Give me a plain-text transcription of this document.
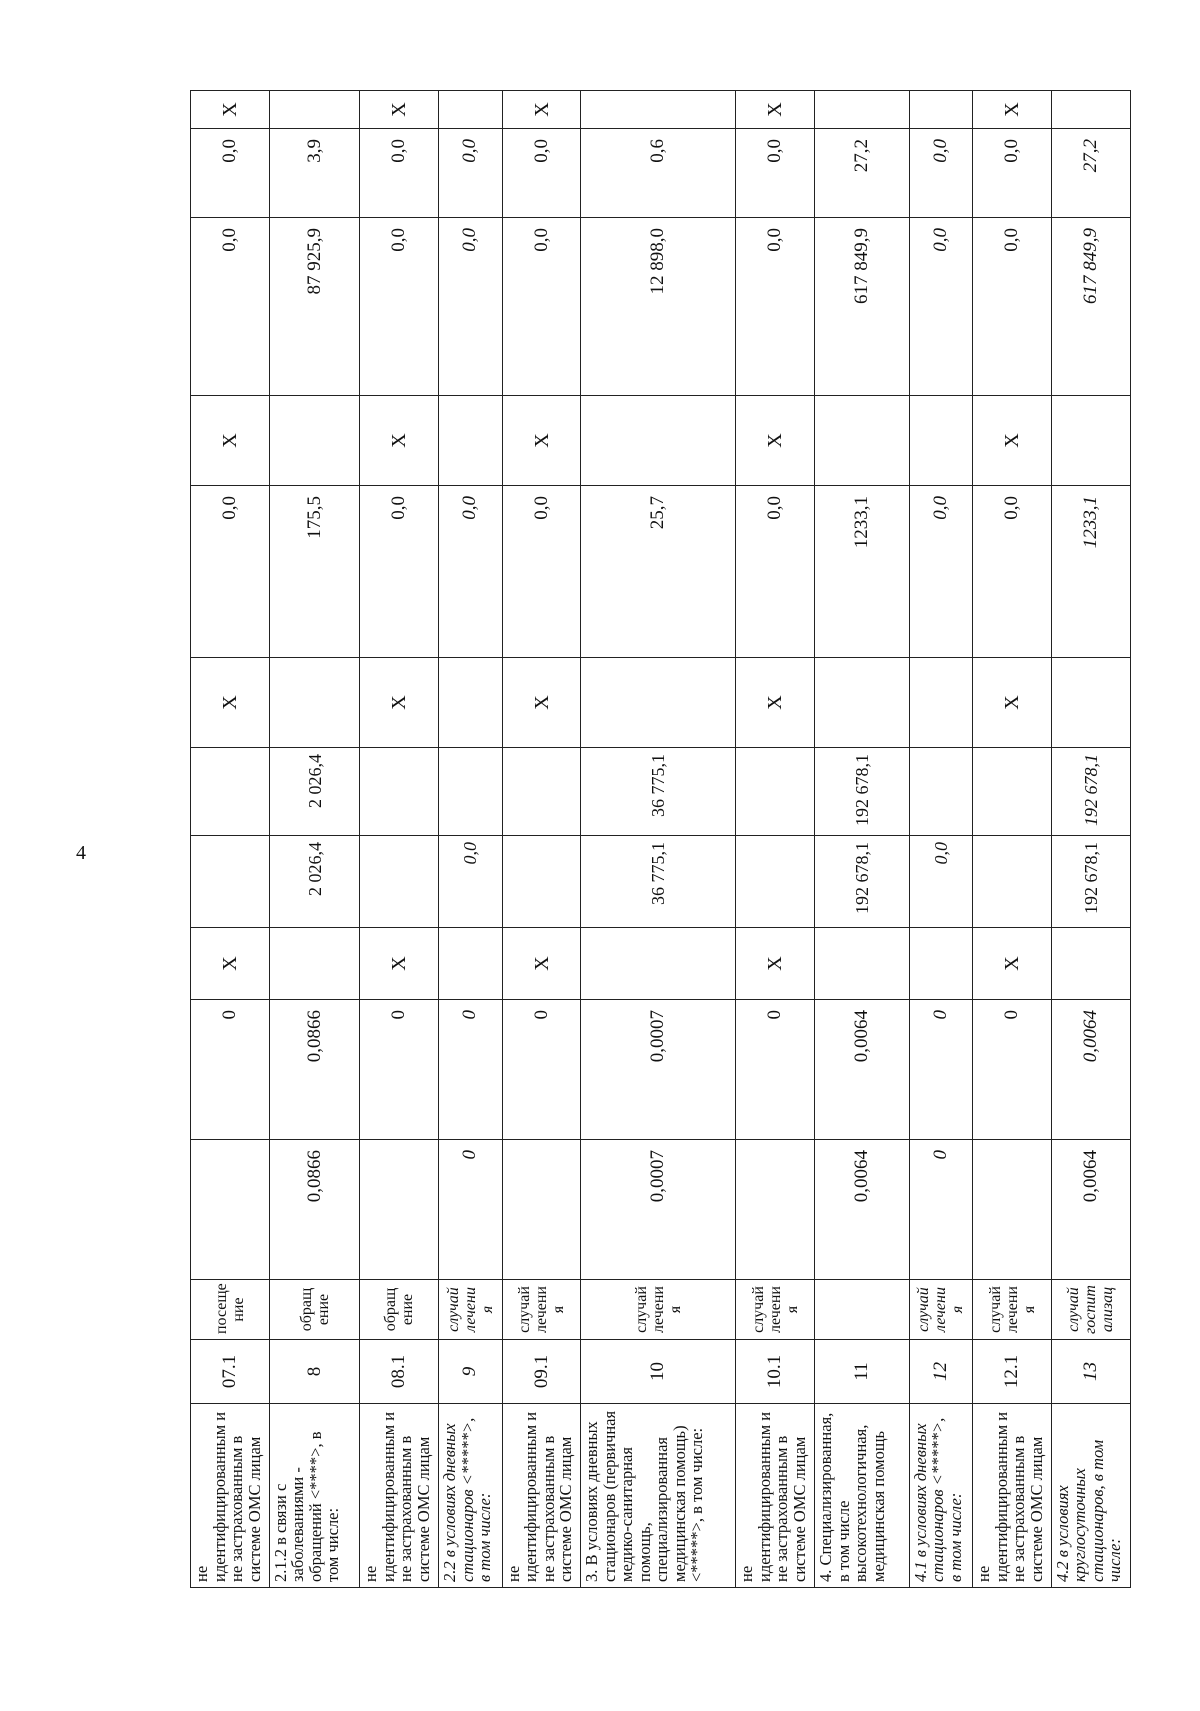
4
не идентифицированным и не застрахованным в системе ОМС лицам	07.1	посеще ние		0	Х			Х	0,0	Х	0,0	0,0	Х	
2.1.2 в связи с заболеваниями - обращений <****>, в том числе:	8	обращ ение	0,0866	0,0866		2 026,4	2 026,4		175,5		87 925,9	3,9		
не идентифицированным и не застрахованным в системе ОМС лицам	08.1	обращ ение		0	Х			Х	0,0	Х	0,0	0,0	Х	
2.2 в условиях дневных стационаров <*****>, в том числе:	9	случай лечени я	0	0		0,0			0,0		0,0	0,0		
не идентифицированным и не застрахованным в системе ОМС лицам	09.1	случай лечени я		0	Х			Х	0,0	Х	0,0	0,0	Х	
3. В условиях дневных стационаров (первичная медико-санитарная помощь, специализированная медицинская помощь) <*****>, в том числе:	10	случай лечени я	0,0007	0,0007		36 775,1	36 775,1		25,7		12 898,0	0,6		
не идентифицированным и не застрахованным в системе ОМС лицам	10.1	случай лечени я		0	Х			Х	0,0	Х	0,0	0,0	Х	
4. Специализированная, в том числе высокотехнологичная, медицинская помощь	11		0,0064	0,0064		192 678,1	192 678,1		1233,1		617 849,9	27,2		
4.1 в условиях дневных стационаров <*****>, в том числе:	12	случай лечени я	0	0		0,0			0,0		0,0	0,0		
не идентифицированным и не застрахованным в системе ОМС лицам	12.1	случай лечени я		0	Х			Х	0,0	Х	0,0	0,0	Х	
4.2 в условиях круглосуточных стационаров, в том числе:	13	случай госпит ализац	0,0064	0,0064		192 678,1	192 678,1		1233,1		617 849,9	27,2		
